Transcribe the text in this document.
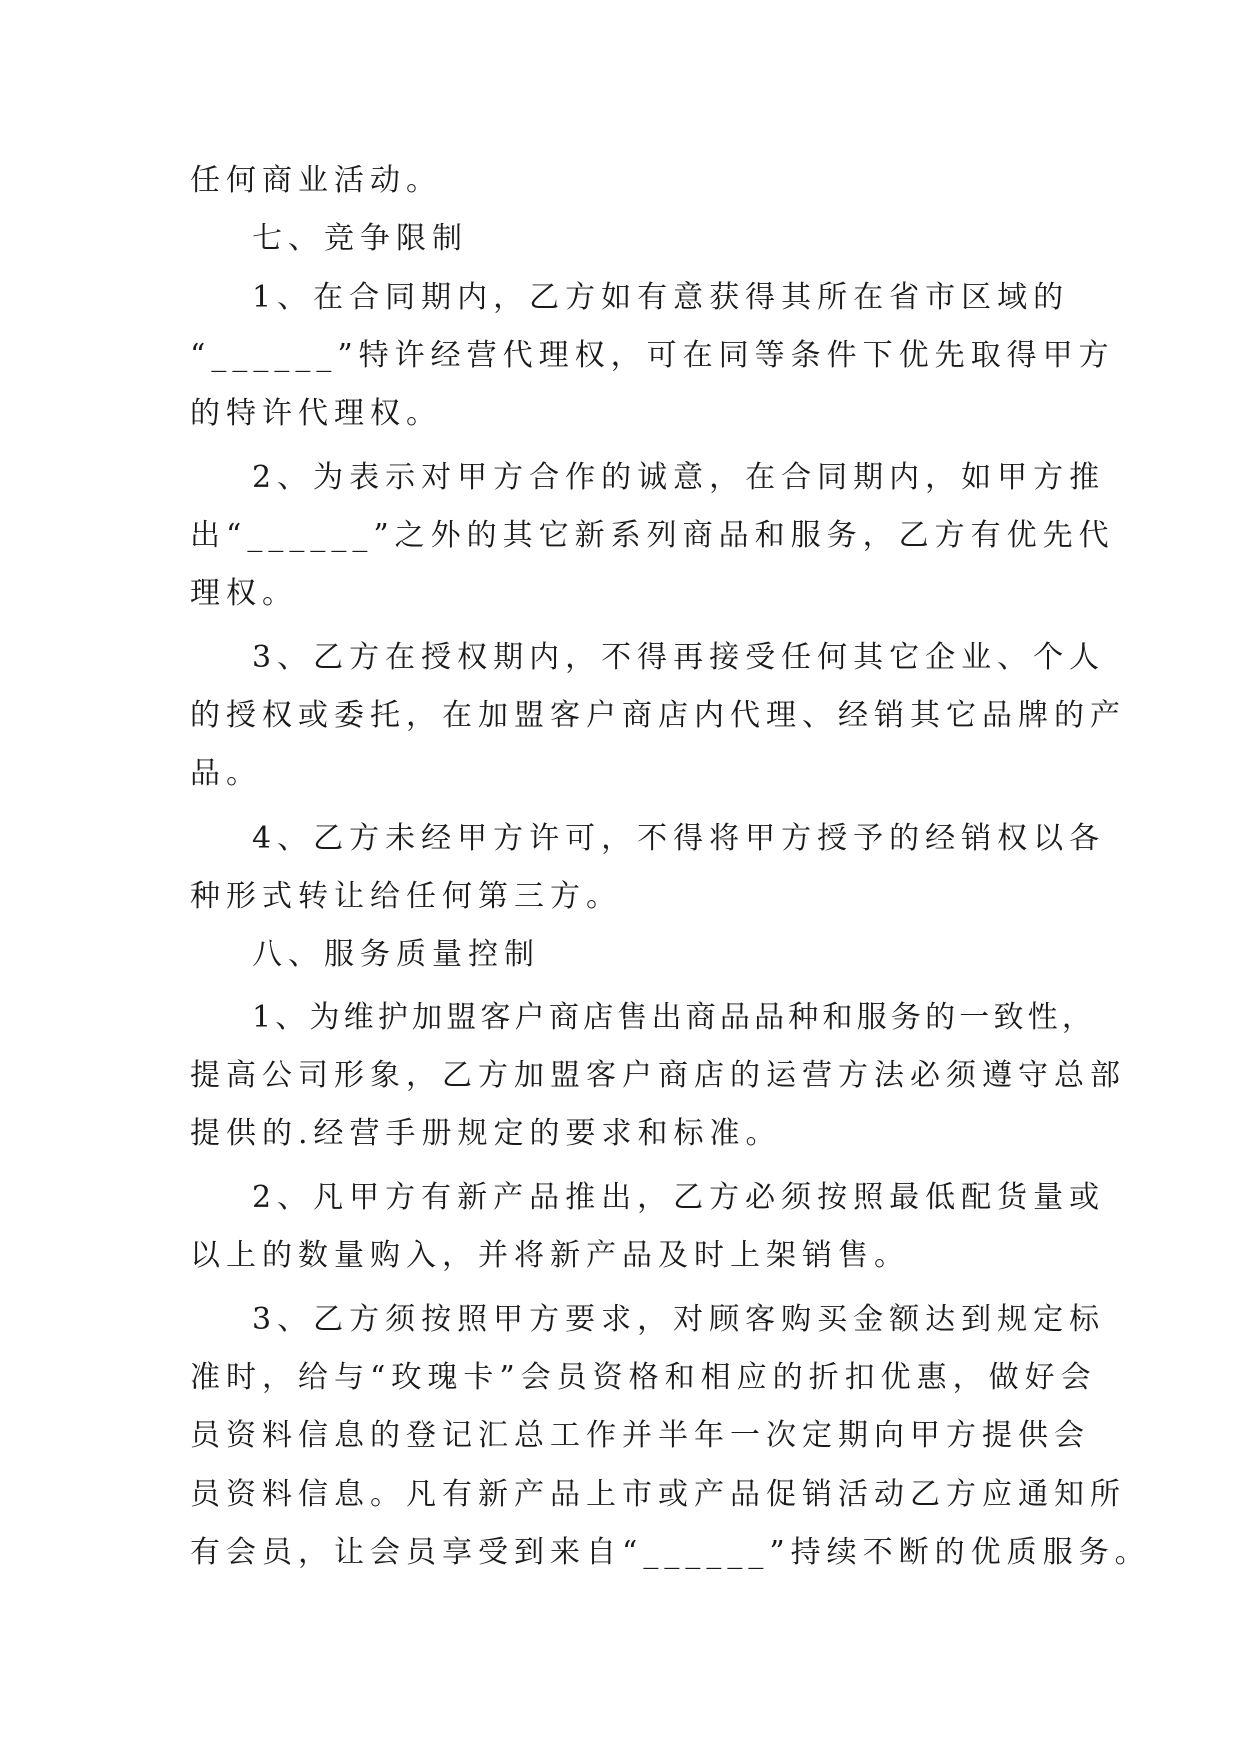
任何商业活动。
七、竞争限制
1、在合同期内，乙方如有意获得其所在省市区域的
“______”特许经营代理权，可在同等条件下优先取得甲方
的特许代理权。
2、为表示对甲方合作的诚意，在合同期内，如甲方推
出“______”之外的其它新系列商品和服务，乙方有优先代
理权。
3、乙方在授权期内，不得再接受任何其它企业、个人
的授权或委托，在加盟客户商店内代理、经销其它品牌的产
品。
4、乙方未经甲方许可，不得将甲方授予的经销权以各
种形式转让给任何第三方。
八、服务质量控制
1、为维护加盟客户商店售出商品品种和服务的一致性，
提高公司形象，乙方加盟客户商店的运营方法必须遵守总部
提供的.经营手册规定的要求和标准。
2、凡甲方有新产品推出，乙方必须按照最低配货量或
以上的数量购入，并将新产品及时上架销售。
3、乙方须按照甲方要求，对顾客购买金额达到规定标
准时，给与“玫瑰卡”会员资格和相应的折扣优惠，做好会
员资料信息的登记汇总工作并半年一次定期向甲方提供会
员资料信息。凡有新产品上市或产品促销活动乙方应通知所
有会员，让会员享受到来自“______”持续不断的优质服务。
